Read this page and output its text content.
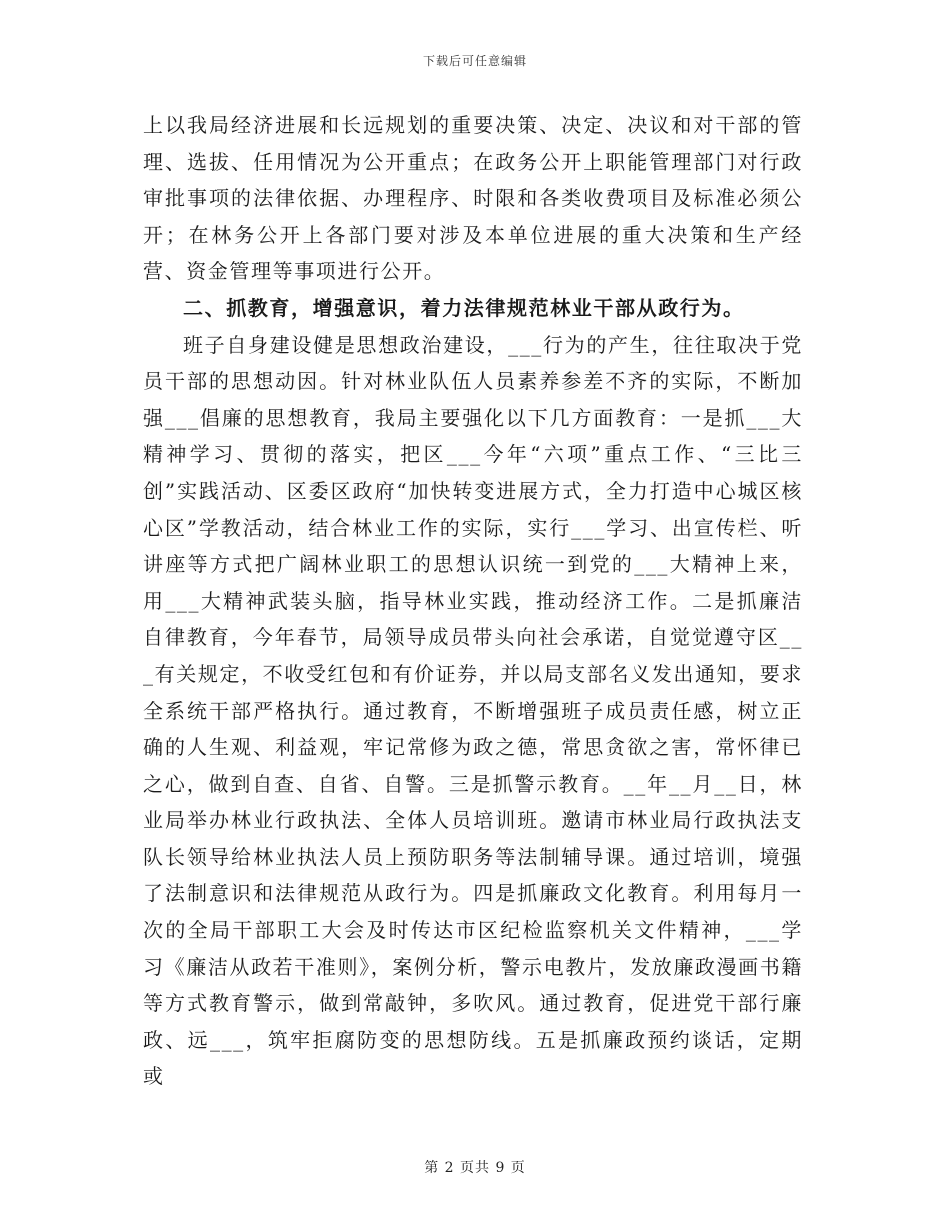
下载后可任意编辑

上以我局经济进展和长远规划的重要决策、决定、决议和对干部的管理、选拔、任用情况为公开重点；在政务公开上职能管理部门对行政审批事项的法律依据、办理程序、时限和各类收费项目及标准必须公开；在林务公开上各部门要对涉及本单位进展的重大决策和生产经营、资金管理等事项进行公开。

二、抓教育，增强意识，着力法律规范林业干部从政行为。

班子自身建设健是思想政治建设，___行为的产生，往往取决于党员干部的思想动因。针对林业队伍人员素养参差不齐的实际，不断加强___倡廉的思想教育，我局主要强化以下几方面教育：一是抓___大精神学习、贯彻的落实，把区___今年“六项”重点工作、“三比三创”实践活动、区委区政府“加快转变进展方式，全力打造中心城区核心区”学教活动，结合林业工作的实际，实行___学习、出宣传栏、听讲座等方式把广阔林业职工的思想认识统一到党的___大精神上来，用___大精神武装头脑，指导林业实践，推动经济工作。二是抓廉洁自律教育，今年春节，局领导成员带头向社会承诺，自觉觉遵守区___有关规定，不收受红包和有价证券，并以局支部名义发出通知，要求全系统干部严格执行。通过教育，不断增强班子成员责任感，树立正确的人生观、利益观，牢记常修为政之德，常思贪欲之害，常怀律已之心，做到自查、自省、自警。三是抓警示教育。__年__月__日，林业局举办林业行政执法、全体人员培训班。邀请市林业局行政执法支队长领导给林业执法人员上预防职务等法制辅导课。通过培训，境强了法制意识和法律规范从政行为。四是抓廉政文化教育。利用每月一次的全局干部职工大会及时传达市区纪检监察机关文件精神，___学习《廉洁从政若干准则》，案例分析，警示电教片，发放廉政漫画书籍等方式教育警示，做到常敲钟，多吹风。通过教育，促进党干部行廉政、远___，筑牢拒腐防变的思想防线。五是抓廉政预约谈话，定期或

第 2 页共 9 页
